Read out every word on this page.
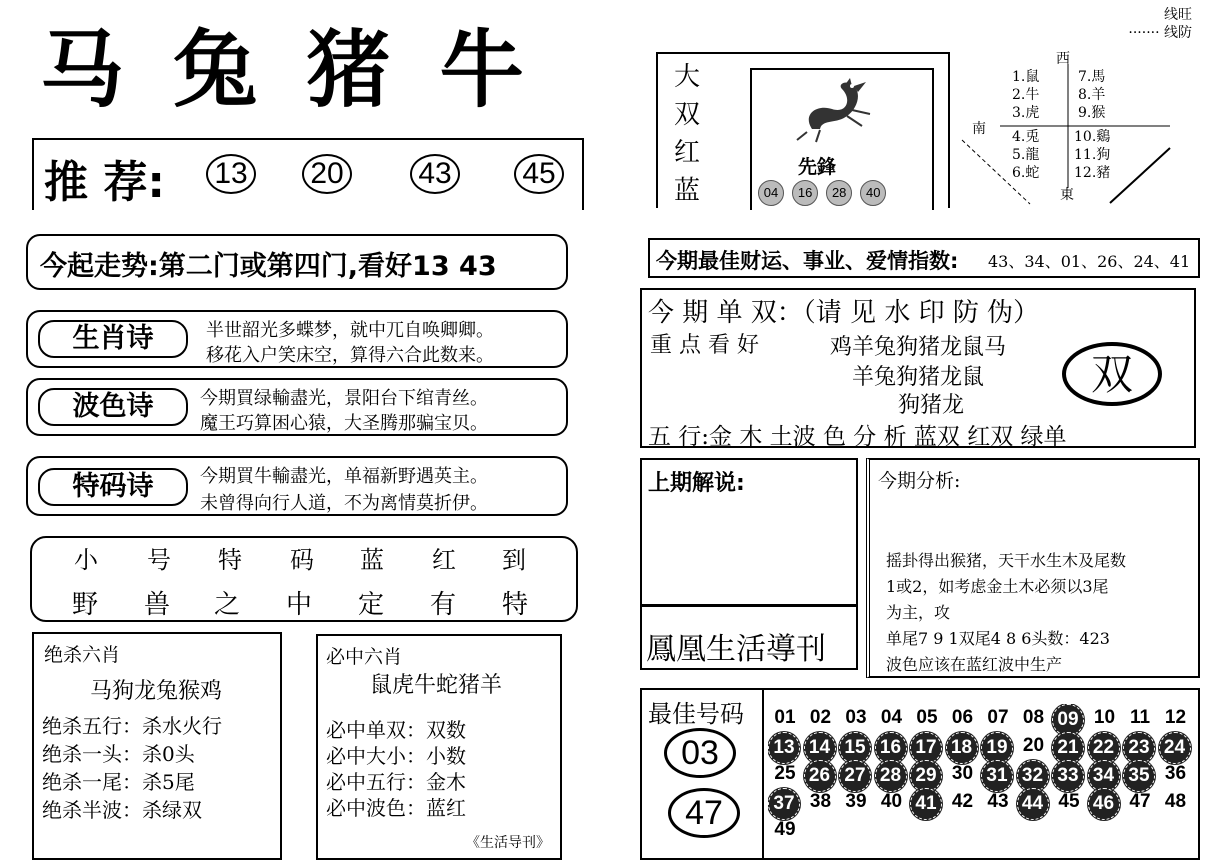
马 兔 猪 牛
线旺
······· 线防
推 荐: 13 20 43 45
今起走势:第二门或第四门,看好13 43
生肖诗	半世韶光多蝶梦，就中兀自唤卿卿。
移花入户笑床空，算得六合此数来。
波色诗	今期買绿輸盡光，景阳台下绾青丝。
魔王巧算困心猿，大圣腾那骗宝贝。
特码诗	今期買牛輸盡光，单福新野遇英主。
未曾得向行人道，不为离情莫折伊。
小 号 特 码 蓝 红 到
野 兽 之 中 定 有 特
绝杀六肖
马狗龙兔猴鸡
绝杀五行：杀水火行
绝杀一头：杀0头
绝杀一尾：杀5尾
绝杀半波：杀绿双
必中六肖
鼠虎牛蛇猪羊
必中单双：双数
必中大小：小数
必中五行：金木
必中波色：蓝红
《生活导刊》
大
双
红
蓝
先鋒
04 16 28 40
西
南
東
1.鼠
2.牛
3.虎
4.兎
5.龍
6.蛇
7.馬
8.羊
9.猴
10.鷄
11.狗
12.豬
今期最佳财运、事业、爱情指数: 43、34、01、26、24、41
今 期 单 双：（请 见 水 印 防 伪）
重 点 看 好	鸡羊兔狗猪龙鼠马
羊兔狗猪龙鼠
狗猪龙
双
五 行:金 木 土波 色 分 析 蓝双 红双 绿单
上期解说:
鳳凰生活導刊
今期分析:
摇卦得出猴猪，天干水生木及尾数
1或2，如考虑金土木必须以3尾
为主，攻
单尾7 9 1双尾4 8 6头数：423
波色应该在蓝红波中生产
最佳号码
03
47
01 02 03 04 05 06 07 08 09 10 11 12
13 14 15 16 17 18 19 20 21 22 23 24
25 26 27 28 29 30 31 32 33 34 35 36
37 38 39 40 41 42 43 44 45 46 47 48
49
